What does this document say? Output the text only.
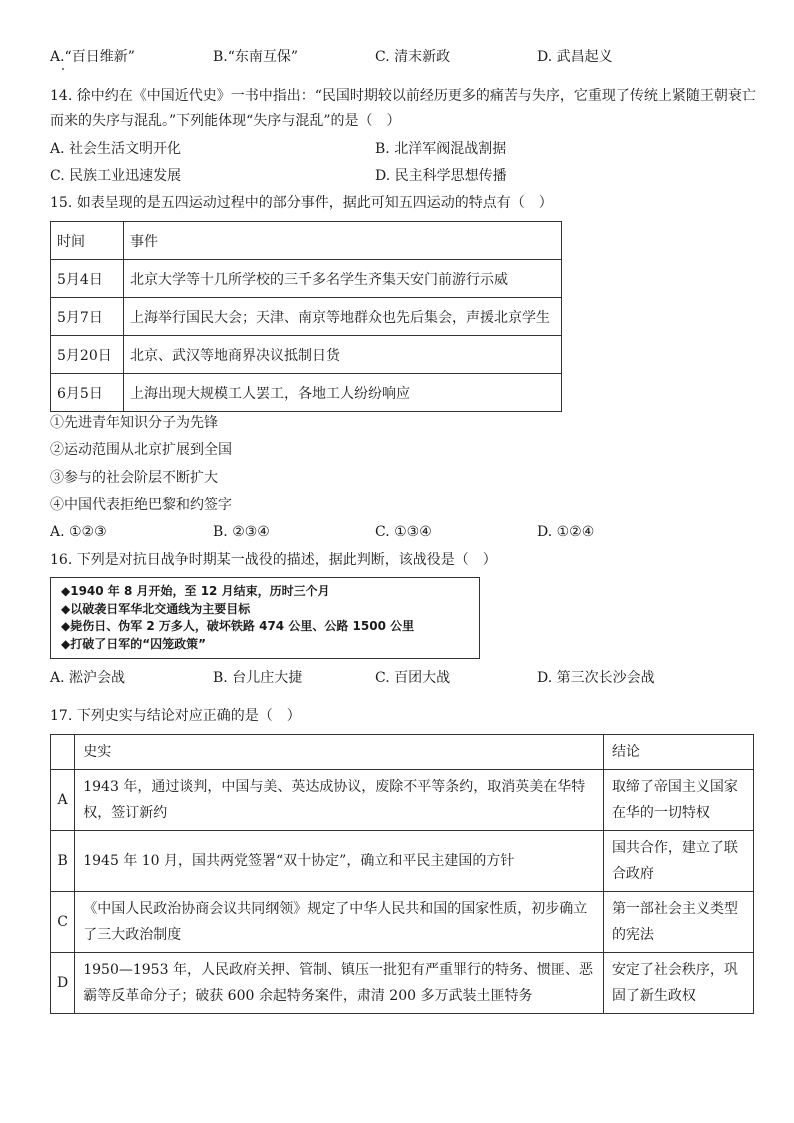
A.“百日维新”	B.“东南互保”	C. 清末新政	D. 武昌起义
14. 徐中约在《中国近代史》一书中指出：“民国时期较以前经历更多的痛苦与失序，它重现了传统上紧随王朝衰亡
而来的失序与混乱。”下列能体现“失序与混乱”的是（　）
A. 社会生活文明开化	B. 北洋军阀混战割据
C. 民族工业迅速发展	D. 民主科学思想传播
15. 如表呈现的是五四运动过程中的部分事件，据此可知五四运动的特点有（　）
时间	事件
5月4日	北京大学等十几所学校的三千多名学生齐集天安门前游行示威
5月7日	上海举行国民大会；天津、南京等地群众也先后集会，声援北京学生
5月20日	北京、武汉等地商界决议抵制日货
6月5日	上海出现大规模工人罢工，各地工人纷纷响应
①先进青年知识分子为先锋
②运动范围从北京扩展到全国
③参与的社会阶层不断扩大
④中国代表拒绝巴黎和约签字
A. ①②③	B. ②③④	C. ①③④	D. ①②④
16. 下列是对抗日战争时期某一战役的描述，据此判断，该战役是（　）
◆1940 年 8 月开始，至 12 月结束，历时三个月
◆以破袭日军华北交通线为主要目标
◆毙伤日、伪军 2 万多人，破坏铁路 474 公里、公路 1500 公里
◆打破了日军的“囚笼政策”
A. 淞沪会战	B. 台儿庄大捷	C. 百团大战	D. 第三次长沙会战
17. 下列史实与结论对应正确的是（　）
	史实	结论
A	1943 年，通过谈判，中国与美、英达成协议，废除不平等条约，取消英美在华特权，签订新约	取缔了帝国主义国家在华的一切特权
B	1945 年 10 月，国共两党签署“双十协定”，确立和平民主建国的方针	国共合作，建立了联合政府
C	《中国人民政治协商会议共同纲领》规定了中华人民共和国的国家性质，初步确立了三大政治制度	第一部社会主义类型的宪法
D	1950—1953 年，人民政府关押、管制、镇压一批犯有严重罪行的特务、惯匪、恶霸等反革命分子；破获 600 余起特务案件，肃清 200 多万武装土匪特务	安定了社会秩序，巩固了新生政权
